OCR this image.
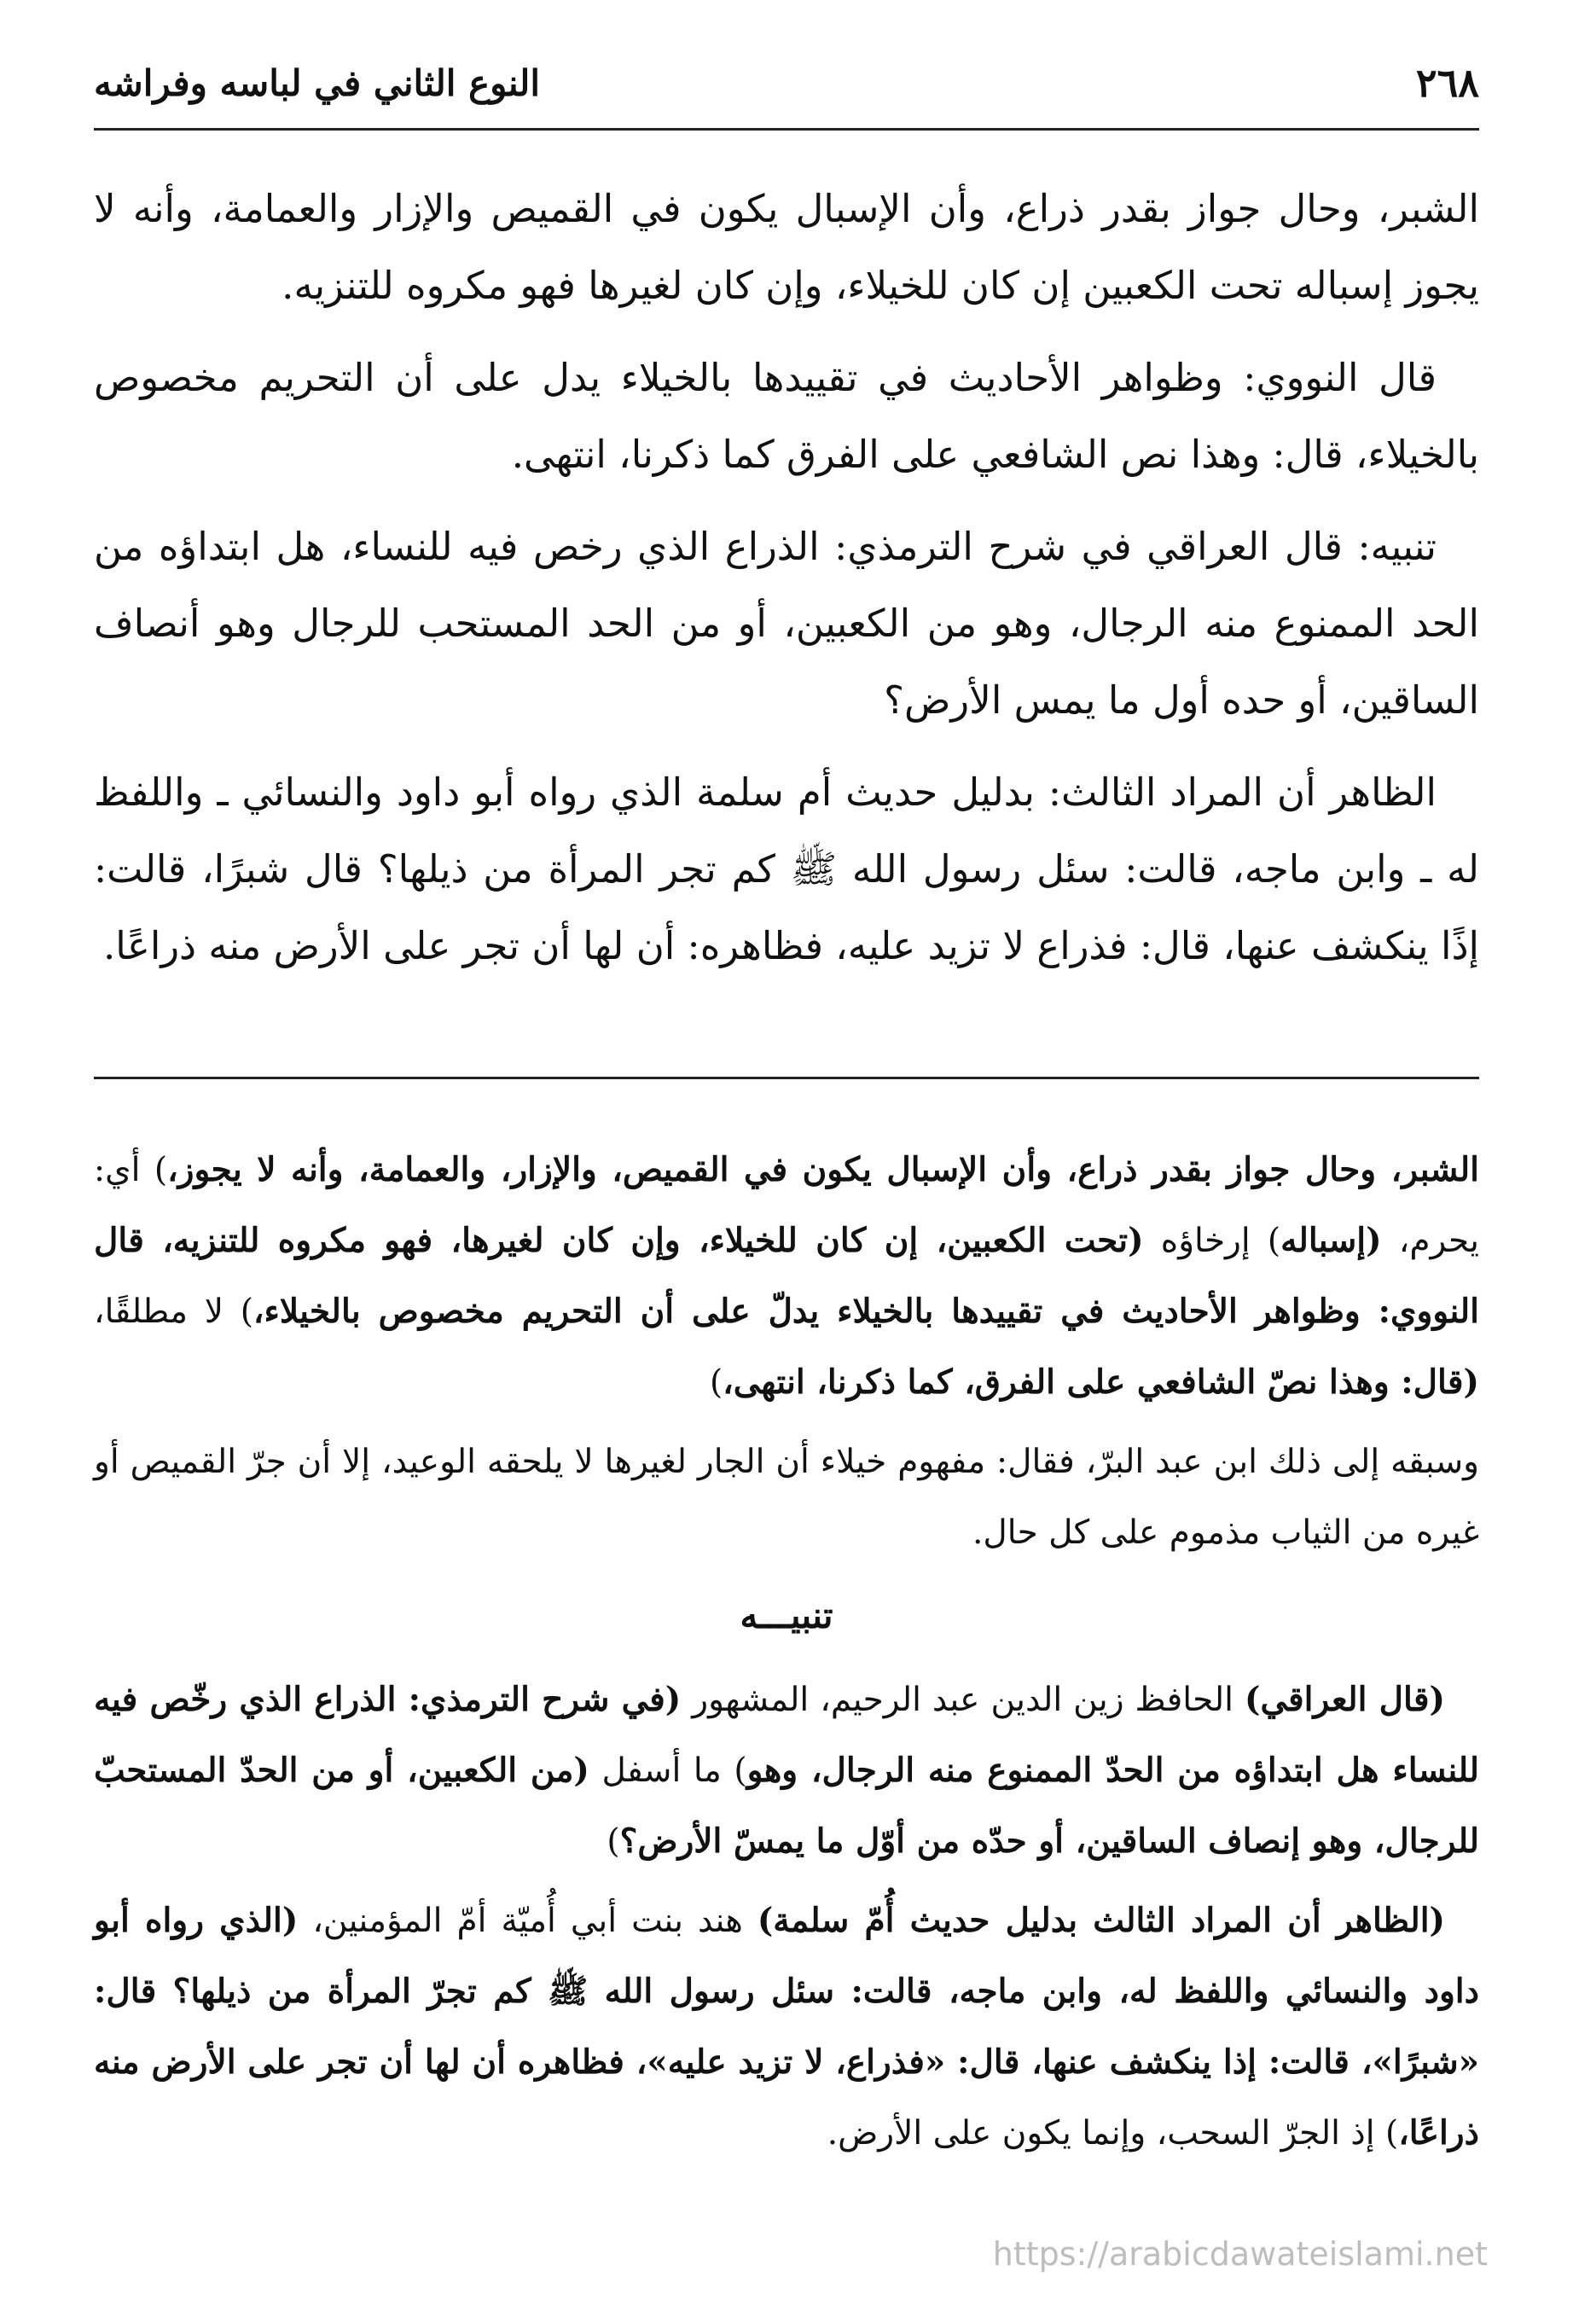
٢٦٨
النوع الثاني في لباسه وفراشه

الشبر، وحال جواز بقدر ذراع، وأن الإسبال يكون في القميص والإزار والعمامة، وأنه لا يجوز إسباله تحت الكعبين إن كان للخيلاء، وإن كان لغيرها فهو مكروه للتنزيه.

قال النووي: وظواهر الأحاديث في تقييدها بالخيلاء يدل على أن التحريم مخصوص بالخيلاء، قال: وهذا نص الشافعي على الفرق كما ذكرنا، انتهى.

تنبيه: قال العراقي في شرح الترمذي: الذراع الذي رخص فيه للنساء، هل ابتداؤه من الحد الممنوع منه الرجال، وهو من الكعبين، أو من الحد المستحب للرجال وهو أنصاف الساقين، أو حده أول ما يمس الأرض؟

الظاهر أن المراد الثالث: بدليل حديث أم سلمة الذي رواه أبو داود والنسائي ـ واللفظ له ـ وابن ماجه، قالت: سئل رسول الله ﷺ كم تجر المرأة من ذيلها؟ قال شبرًا، قالت: إذًا ينكشف عنها، قال: فذراع لا تزيد عليه، فظاهره: أن لها أن تجر على الأرض منه ذراعًا.

الشبر، وحال جواز بقدر ذراع، وأن الإسبال يكون في القميص، والإزار، والعمامة، وأنه لا يجوز،) أي: يحرم، (إسباله) إرخاؤه (تحت الكعبين، إن كان للخيلاء، وإن كان لغيرها، فهو مكروه للتنزيه، قال النووي: وظواهر الأحاديث في تقييدها بالخيلاء يدلّ على أن التحريم مخصوص بالخيلاء،) لا مطلقًا، (قال: وهذا نصّ الشافعي على الفرق، كما ذكرنا، انتهى،)

وسبقه إلى ذلك ابن عبد البرّ، فقال: مفهوم خيلاء أن الجار لغيرها لا يلحقه الوعيد، إلا أن جرّ القميص أو غيره من الثياب مذموم على كل حال.

تنبيـــه

(قال العراقي) الحافظ زين الدين عبد الرحيم، المشهور (في شرح الترمذي: الذراع الذي رخّص فيه للنساء هل ابتداؤه من الحدّ الممنوع منه الرجال، وهو) ما أسفل (من الكعبين، أو من الحدّ المستحبّ للرجال، وهو إنصاف الساقين، أو حدّه من أوّل ما يمسّ الأرض؟)

(الظاهر أن المراد الثالث بدليل حديث أُمّ سلمة) هند بنت أبي أُميّة أمّ المؤمنين، (الذي رواه أبو داود والنسائي واللفظ له، وابن ماجه، قالت: سئل رسول الله ﷺ كم تجرّ المرأة من ذيلها؟ قال: «شبرًا»، قالت: إذا ينكشف عنها، قال: «فذراع، لا تزيد عليه»، فظاهره أن لها أن تجر على الأرض منه ذراعًا،) إذ الجرّ السحب، وإنما يكون على الأرض.

https://arabicdawateislami.net
